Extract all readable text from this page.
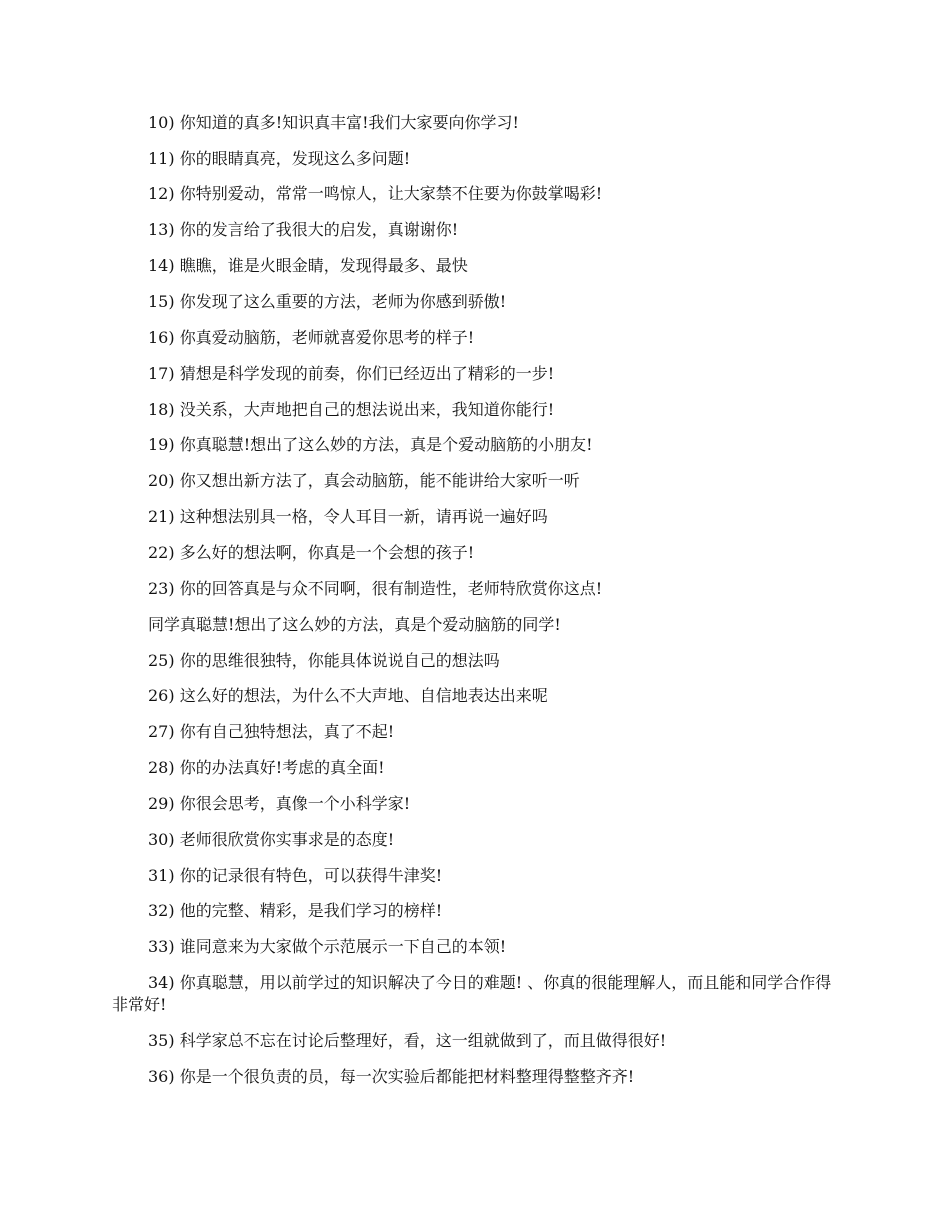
10) 你知道的真多!知识真丰富!我们大家要向你学习!
11) 你的眼睛真亮，发现这么多问题!
12) 你特别爱动，常常一鸣惊人，让大家禁不住要为你鼓掌喝彩!
13) 你的发言给了我很大的启发，真谢谢你!
14) 瞧瞧，谁是火眼金睛，发现得最多、最快
15) 你发现了这么重要的方法，老师为你感到骄傲!
16) 你真爱动脑筋，老师就喜爱你思考的样子!
17) 猜想是科学发现的前奏，你们已经迈出了精彩的一步!
18) 没关系，大声地把自己的想法说出来，我知道你能行!
19) 你真聪慧!想出了这么妙的方法，真是个爱动脑筋的小朋友!
20) 你又想出新方法了，真会动脑筋，能不能讲给大家听一听
21) 这种想法别具一格，令人耳目一新，请再说一遍好吗
22) 多么好的想法啊，你真是一个会想的孩子!
23) 你的回答真是与众不同啊，很有制造性，老师特欣赏你这点!
同学真聪慧!想出了这么妙的方法，真是个爱动脑筋的同学!
25) 你的思维很独特，你能具体说说自己的想法吗
26) 这么好的想法，为什么不大声地、自信地表达出来呢
27) 你有自己独特想法，真了不起!
28) 你的办法真好!考虑的真全面!
29) 你很会思考，真像一个小科学家!
30) 老师很欣赏你实事求是的态度!
31) 你的记录很有特色，可以获得牛津奖!
32) 他的完整、精彩，是我们学习的榜样!
33) 谁同意来为大家做个示范展示一下自己的本领!
34) 你真聪慧，用以前学过的知识解决了今日的难题! 、你真的很能理解人，而且能和同学合作得非常好!
35) 科学家总不忘在讨论后整理好，看，这一组就做到了，而且做得很好!
36) 你是一个很负责的员，每一次实验后都能把材料整理得整整齐齐!
